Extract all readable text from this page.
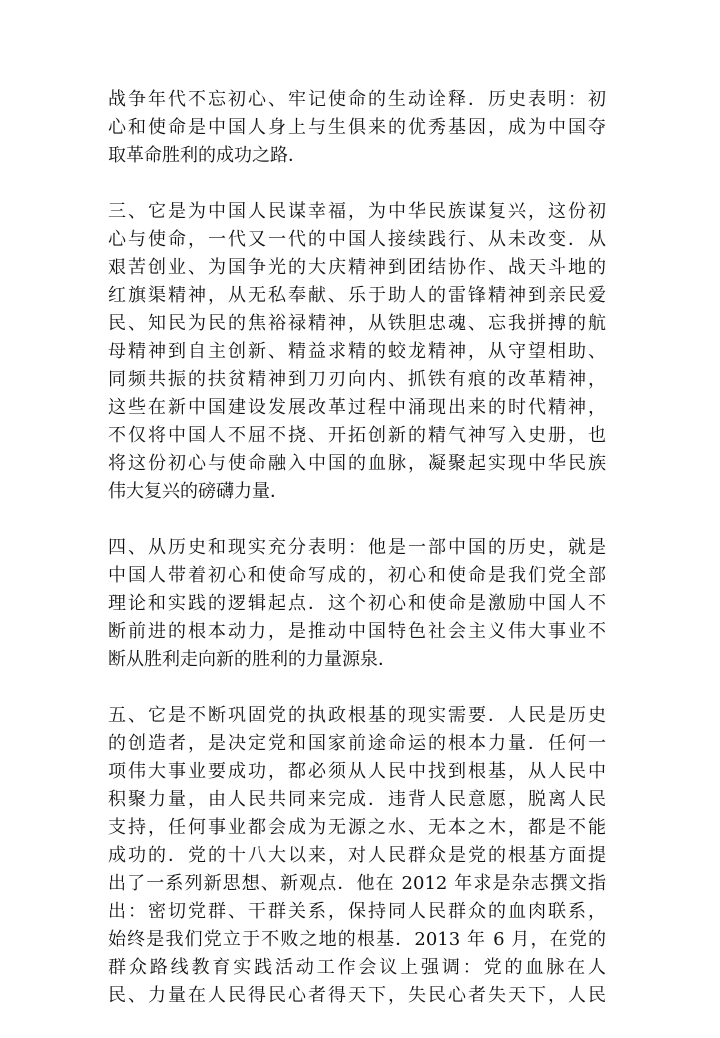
战争年代不忘初心、牢记使命的生动诠释．历史表明：初
心和使命是中国人身上与生俱来的优秀基因，成为中国夺
取革命胜利的成功之路．
三、它是为中国人民谋幸福，为中华民族谋复兴，这份初
心与使命，一代又一代的中国人接续践行、从未改变．从
艰苦创业、为国争光的大庆精神到团结协作、战天斗地的
红旗渠精神，从无私奉献、乐于助人的雷锋精神到亲民爱
民、知民为民的焦裕禄精神，从铁胆忠魂、忘我拼搏的航
母精神到自主创新、精益求精的蛟龙精神，从守望相助、
同频共振的扶贫精神到刀刃向内、抓铁有痕的改革精神，
这些在新中国建设发展改革过程中涌现出来的时代精神，
不仅将中国人不屈不挠、开拓创新的精气神写入史册，也
将这份初心与使命融入中国的血脉，凝聚起实现中华民族
伟大复兴的磅礴力量．
四、从历史和现实充分表明：他是一部中国的历史，就是
中国人带着初心和使命写成的，初心和使命是我们党全部
理论和实践的逻辑起点．这个初心和使命是激励中国人不
断前进的根本动力，是推动中国特色社会主义伟大事业不
断从胜利走向新的胜利的力量源泉．
五、它是不断巩固党的执政根基的现实需要．人民是历史
的创造者，是决定党和国家前途命运的根本力量．任何一
项伟大事业要成功，都必须从人民中找到根基，从人民中
积聚力量，由人民共同来完成．违背人民意愿，脱离人民
支持，任何事业都会成为无源之水、无本之木，都是不能
成功的．党的十八大以来，对人民群众是党的根基方面提
出了一系列新思想、新观点．他在 2012 年求是杂志撰文指
出：密切党群、干群关系，保持同人民群众的血肉联系，
始终是我们党立于不败之地的根基．2013 年 6 月，在党的
群众路线教育实践活动工作会议上强调：党的血脉在人
民、力量在人民得民心者得天下，失民心者失天下，人民
